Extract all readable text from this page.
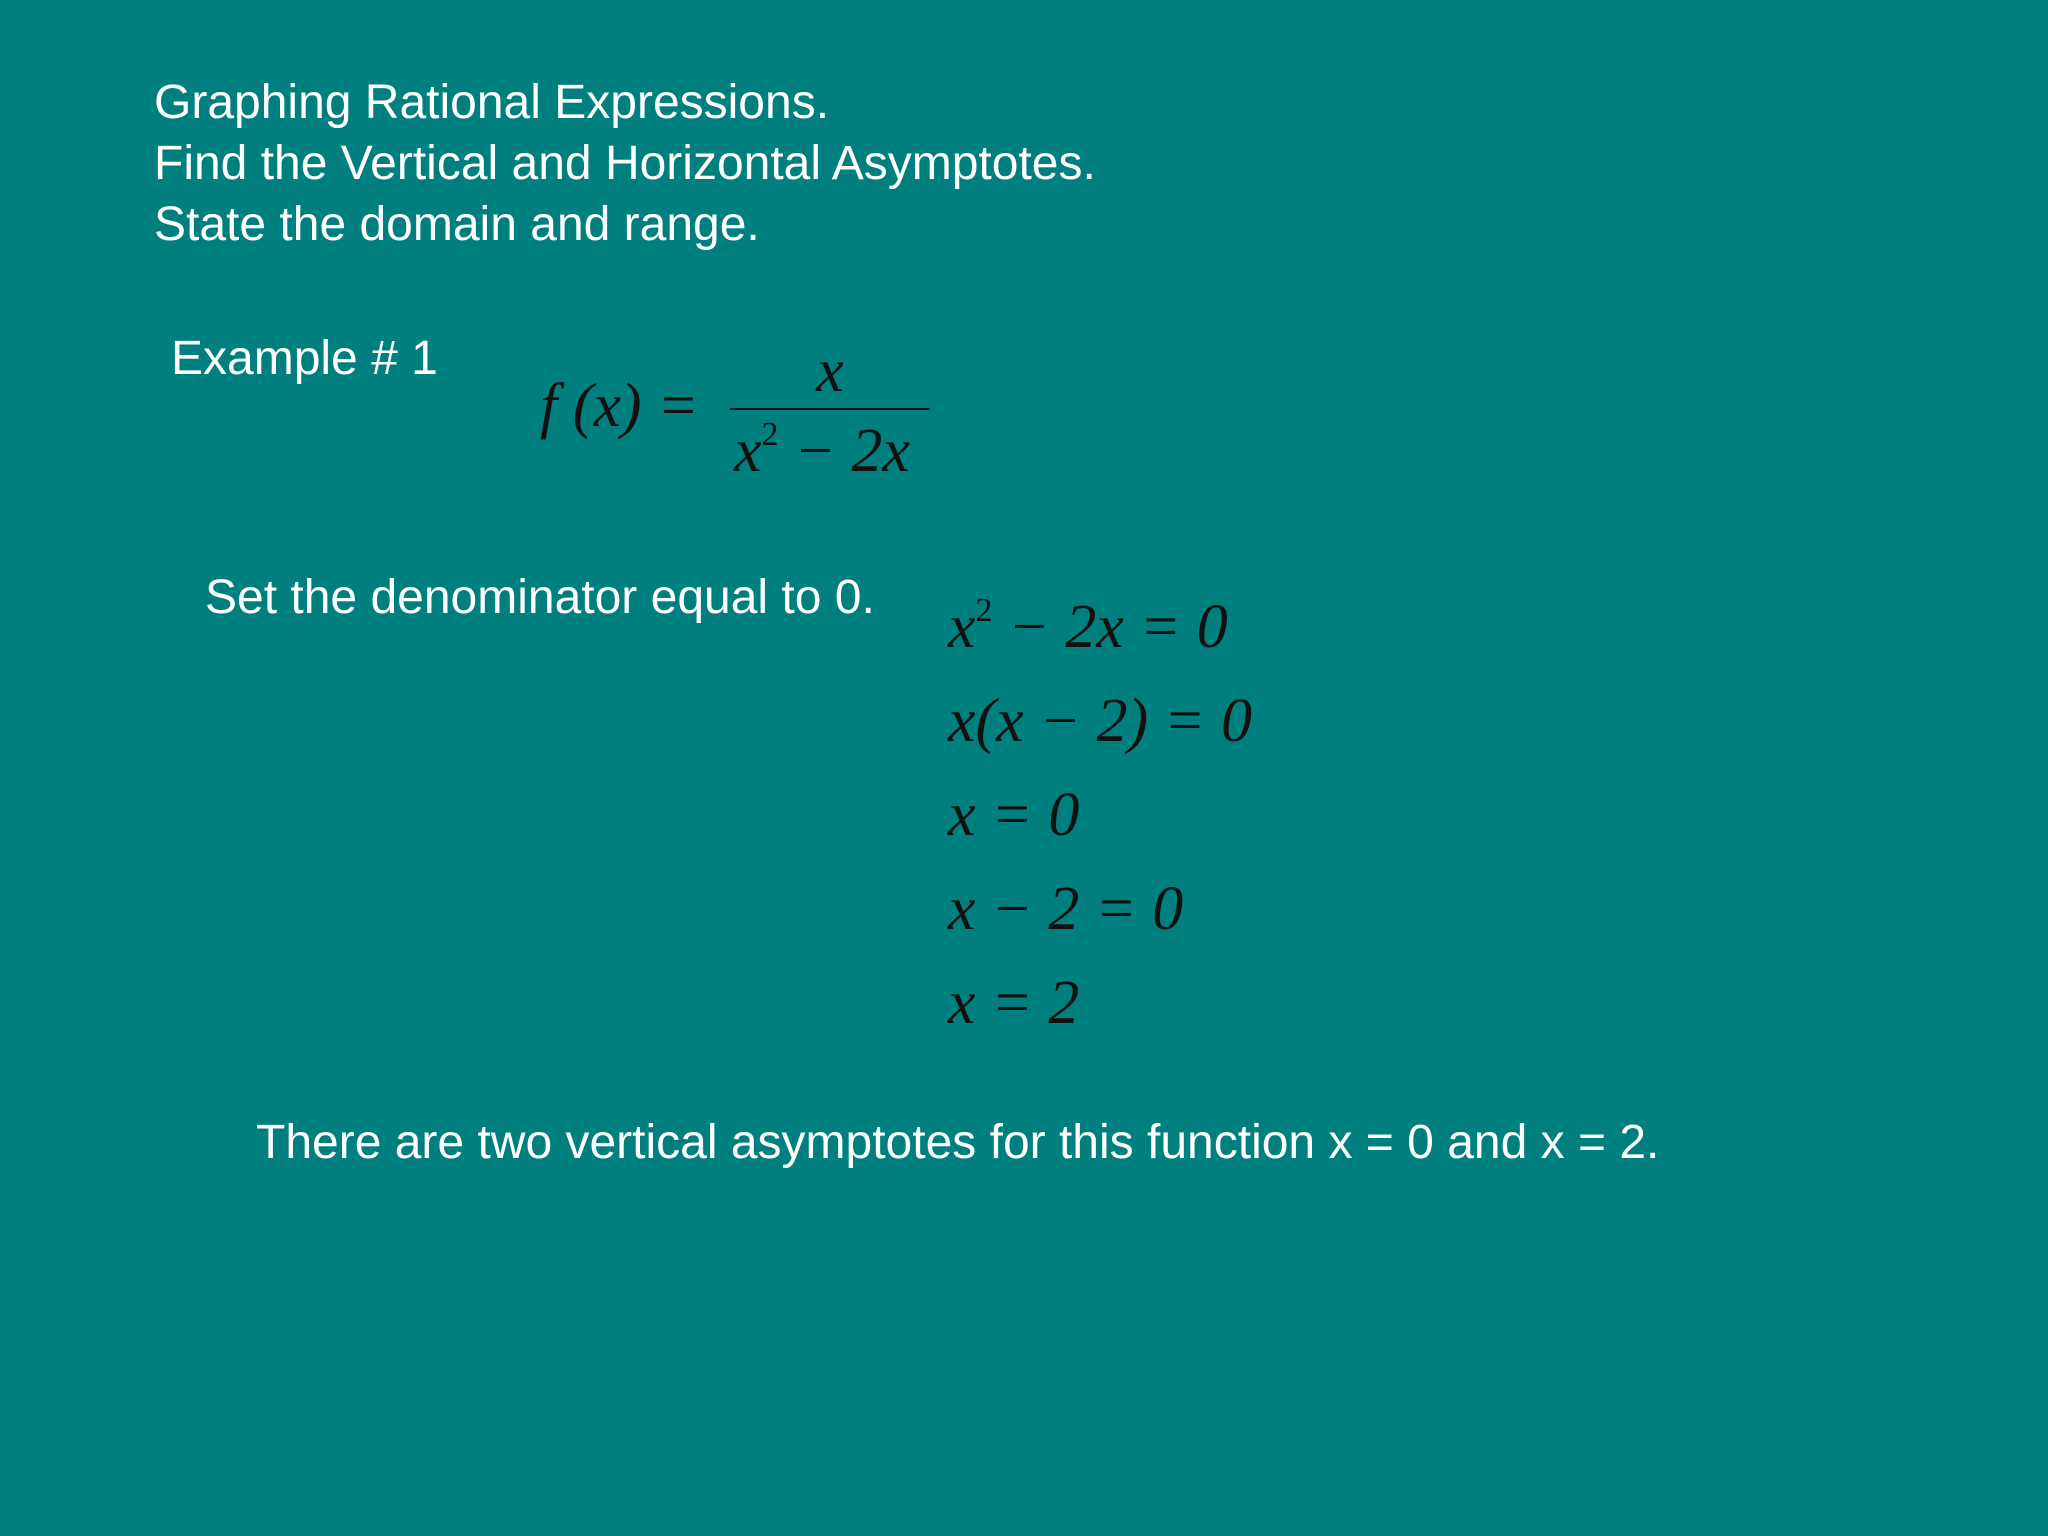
Graphing Rational Expressions.
Find the Vertical and Horizontal Asymptotes.
State the domain and range.
Example # 1
f (x) =
x
$x^2 - 2x$
Set the denominator equal to 0. $x^2 - 2x = 0$
x(x − 2) = 0
x = 0
x − 2 = 0
x = 2
There are two vertical asymptotes for this function x = 0 and x = 2.
